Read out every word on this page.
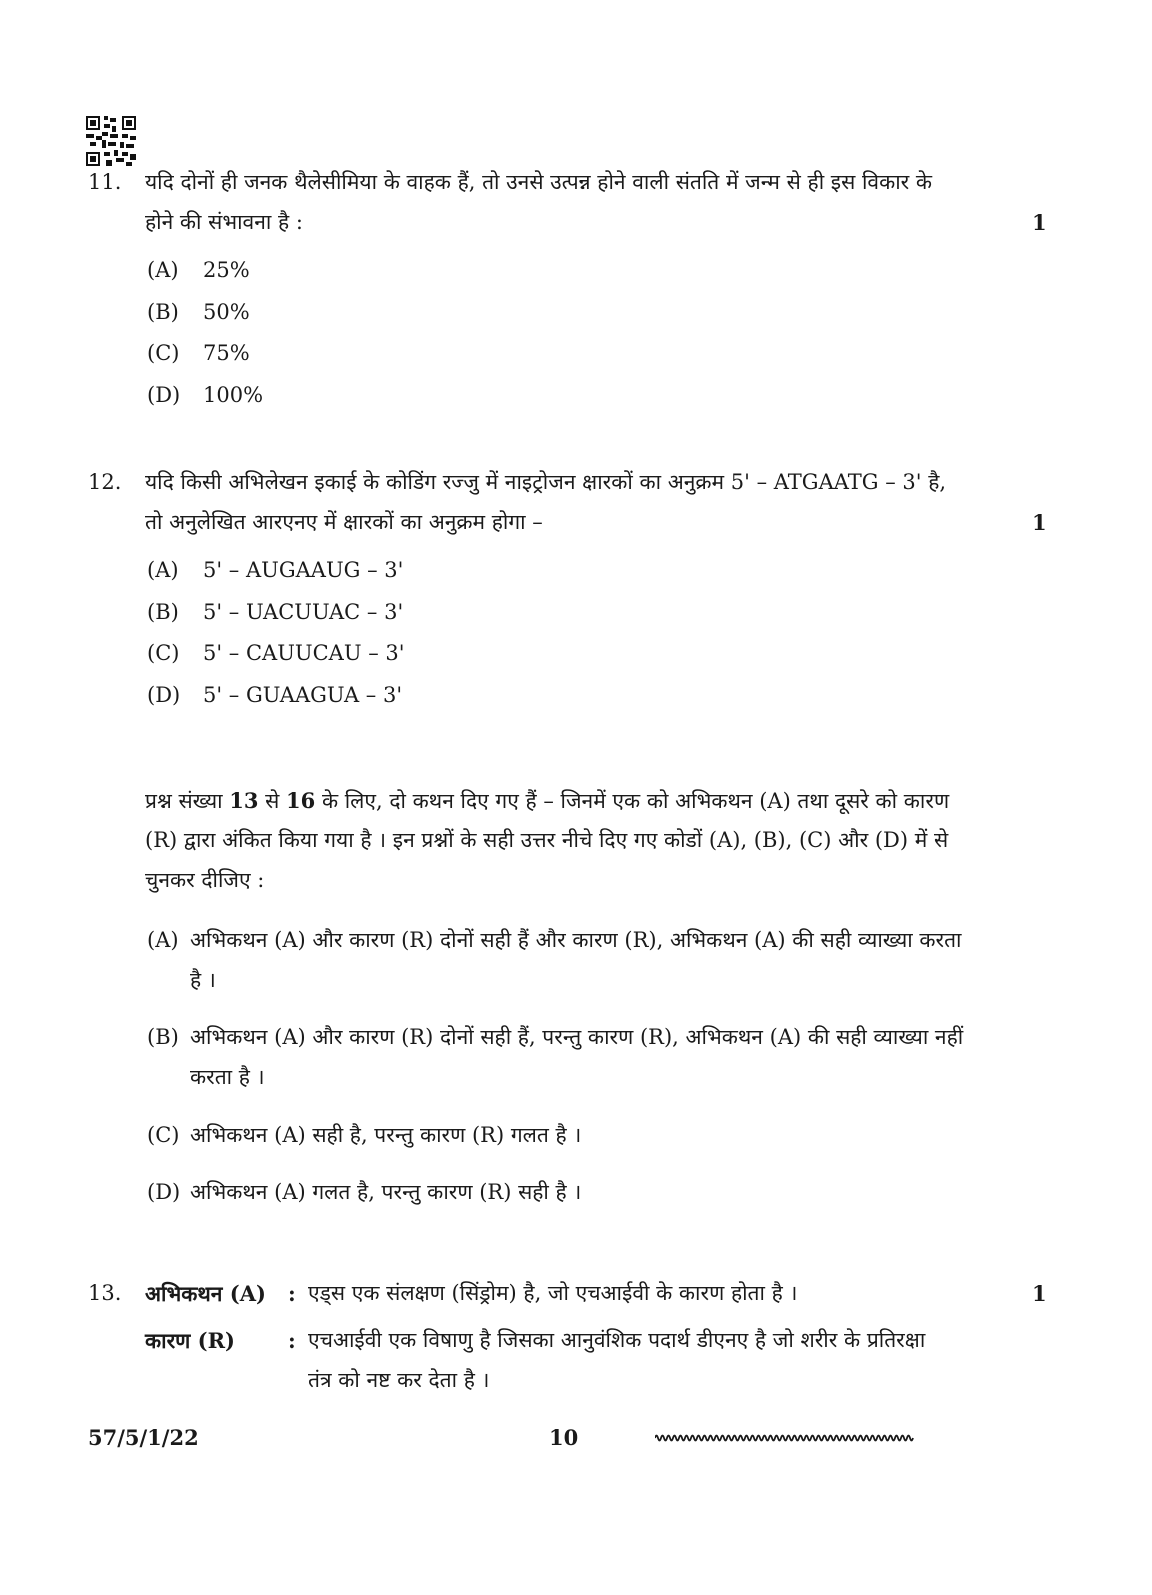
11. यदि दोनों ही जनक थैलेसीमिया के वाहक हैं, तो उनसे उत्पन्न होने वाली संतति में जन्म से ही इस विकार के
होने की संभावना है :	1
(A) 25%
(B) 50%
(C) 75%
(D) 100%
12. यदि किसी अभिलेखन इकाई के कोडिंग रज्जु में नाइट्रोजन क्षारकों का अनुक्रम 5' – ATGAATG – 3' है,
तो अनुलेखित आरएनए में क्षारकों का अनुक्रम होगा –	1
(A) 5' – AUGAAUG – 3'
(B) 5' – UACUUAC – 3'
(C) 5' – CAUUCAU – 3'
(D) 5' – GUAAGUA – 3'
प्रश्न संख्या 13 से 16 के लिए, दो कथन दिए गए हैं – जिनमें एक को अभिकथन (A) तथा दूसरे को कारण
(R) द्वारा अंकित किया गया है । इन प्रश्नों के सही उत्तर नीचे दिए गए कोडों (A), (B), (C) और (D) में से
चुनकर दीजिए :
(A) अभिकथन (A) और कारण (R) दोनों सही हैं और कारण (R), अभिकथन (A) की सही व्याख्या करता
है ।
(B) अभिकथन (A) और कारण (R) दोनों सही हैं, परन्तु कारण (R), अभिकथन (A) की सही व्याख्या नहीं
करता है ।
(C) अभिकथन (A) सही है, परन्तु कारण (R) गलत है ।
(D) अभिकथन (A) गलत है, परन्तु कारण (R) सही है ।
13. अभिकथन (A) : एड्स एक संलक्षण (सिंड्रोम) है, जो एचआईवी के कारण होता है ।	1
कारण (R)	: एचआईवी एक विषाणु है जिसका आनुवंशिक पदार्थ डीएनए है जो शरीर के प्रतिरक्षा
तंत्र को नष्ट कर देता है ।
57/5/1/22	10
